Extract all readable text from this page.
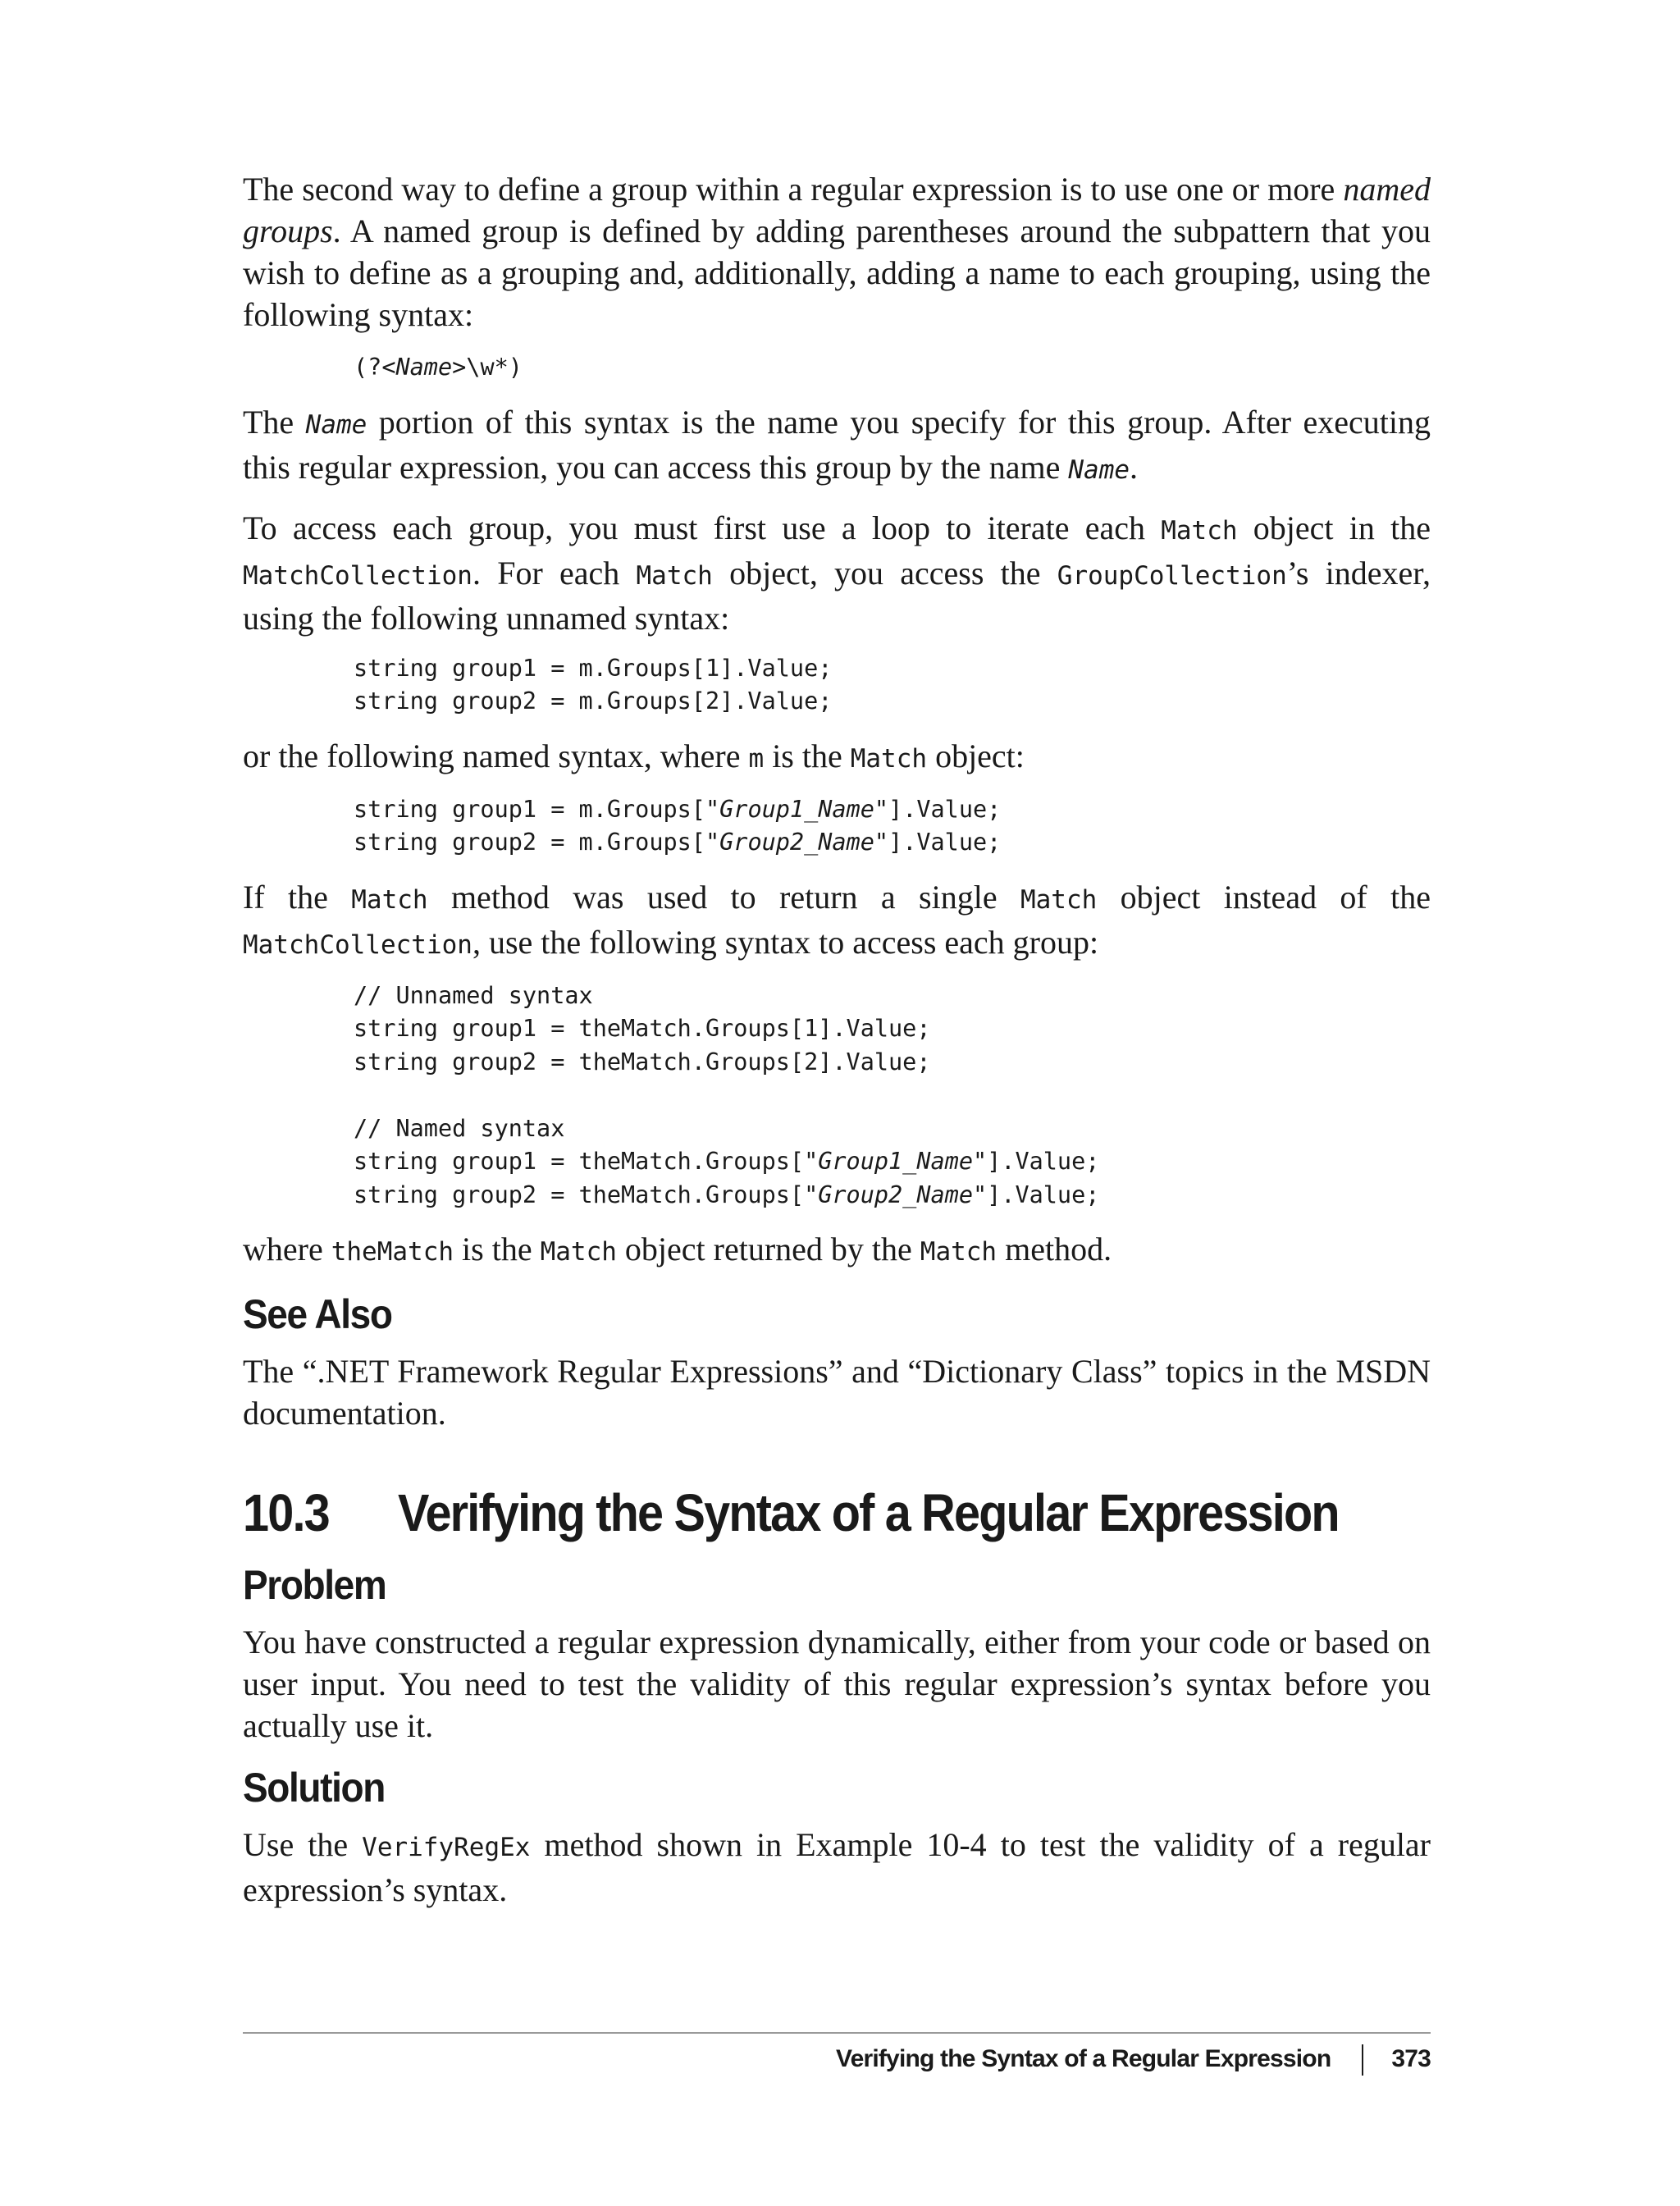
The second way to define a group within a regular expression is to use one or more named groups. A named group is defined by adding parentheses around the subpattern that you wish to define as a grouping and, additionally, adding a name to each grouping, using the following syntax:

(?<Name>\w*)

The Name portion of this syntax is the name you specify for this group. After executing this regular expression, you can access this group by the name Name.

To access each group, you must first use a loop to iterate each Match object in the MatchCollection. For each Match object, you access the GroupCollection’s indexer, using the following unnamed syntax:

string group1 = m.Groups[1].Value;
string group2 = m.Groups[2].Value;

or the following named syntax, where m is the Match object:

string group1 = m.Groups["Group1_Name"].Value;
string group2 = m.Groups["Group2_Name"].Value;

If the Match method was used to return a single Match object instead of the MatchCollection, use the following syntax to access each group:

// Unnamed syntax
string group1 = theMatch.Groups[1].Value;
string group2 = theMatch.Groups[2].Value;
// Named syntax
string group1 = theMatch.Groups["Group1_Name"].Value;
string group2 = theMatch.Groups["Group2_Name"].Value;

where theMatch is the Match object returned by the Match method.

See Also

The “.NET Framework Regular Expressions” and “Dictionary Class” topics in the MSDN documentation.

10.3 Verifying the Syntax of a Regular Expression
Problem

You have constructed a regular expression dynamically, either from your code or based on user input. You need to test the validity of this regular expression’s syntax before you actually use it.

Solution

Use the VerifyRegEx method shown in Example 10-4 to test the validity of a regular expression’s syntax.

Verifying the Syntax of a Regular Expression 373
